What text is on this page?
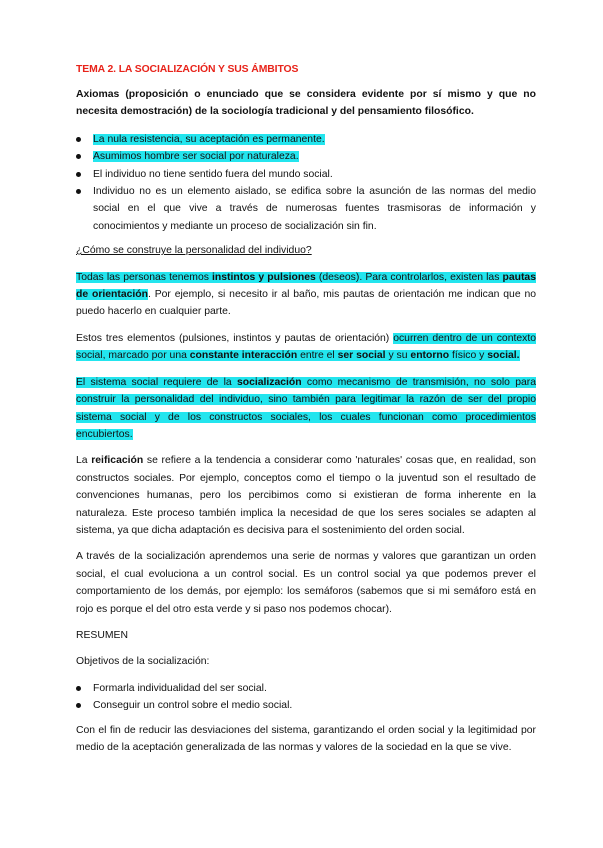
TEMA 2. LA SOCIALIZACIÓN Y SUS ÁMBITOS

Axiomas (proposición o enunciado que se considera evidente por sí mismo y que no necesita demostración) de la sociología tradicional y del pensamiento filosófico.

La nula resistencia, su aceptación es permanente.
Asumimos hombre ser social por naturaleza.
El individuo no tiene sentido fuera del mundo social.
Individuo no es un elemento aislado, se edifica sobre la asunción de las normas del medio social en el que vive a través de numerosas fuentes trasmisoras de información y conocimientos y mediante un proceso de socialización sin fin.

¿Cómo se construye la personalidad del individuo?

Todas las personas tenemos instintos y pulsiones (deseos). Para controlarlos, existen las pautas de orientación. Por ejemplo, si necesito ir al baño, mis pautas de orientación me indican que no puedo hacerlo en cualquier parte.

Estos tres elementos (pulsiones, instintos y pautas de orientación) ocurren dentro de un contexto social, marcado por una constante interacción entre el ser social y su entorno físico y social.

El sistema social requiere de la socialización como mecanismo de transmisión, no solo para construir la personalidad del individuo, sino también para legitimar la razón de ser del propio sistema social y de los constructos sociales, los cuales funcionan como procedimientos encubiertos.

La reificación se refiere a la tendencia a considerar como 'naturales' cosas que, en realidad, son constructos sociales. Por ejemplo, conceptos como el tiempo o la juventud son el resultado de convenciones humanas, pero los percibimos como si existieran de forma inherente en la naturaleza. Este proceso también implica la necesidad de que los seres sociales se adapten al sistema, ya que dicha adaptación es decisiva para el sostenimiento del orden social.

A través de la socialización aprendemos una serie de normas y valores que garantizan un orden social, el cual evoluciona a un control social. Es un control social ya que podemos prever el comportamiento de los demás, por ejemplo: los semáforos (sabemos que si mi semáforo está en rojo es porque el del otro esta verde y si paso nos podemos chocar).

RESUMEN

Objetivos de la socialización:

Formarla individualidad del ser social.
Conseguir un control sobre el medio social.

Con el fin de reducir las desviaciones del sistema, garantizando el orden social y la legitimidad por medio de la aceptación generalizada de las normas y valores de la sociedad en la que se vive.
